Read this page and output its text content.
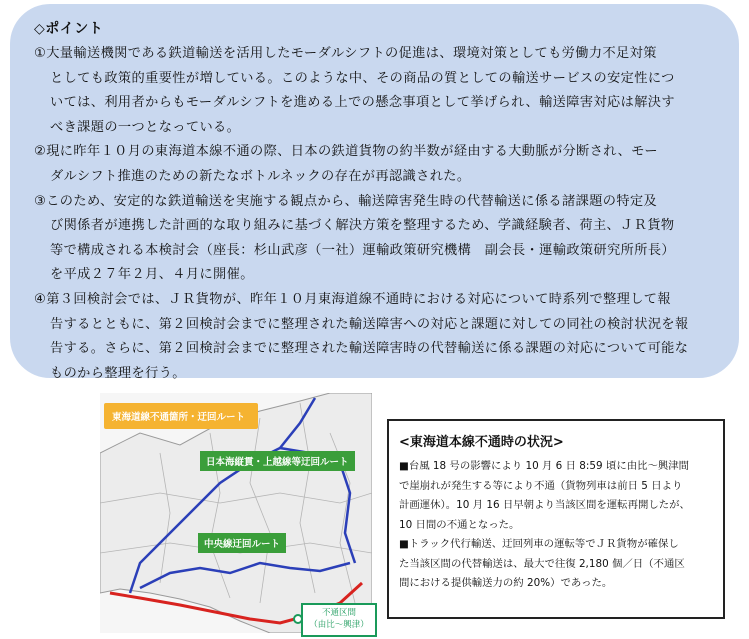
◇ポイント

①大量輸送機関である鉄道輸送を活用したモーダルシフトの促進は、環境対策としても労働力不足対策
としても政策的重要性が増している。このような中、その商品の質としての輸送サービスの安定性につ
いては、利用者からもモーダルシフトを進める上での懸念事項として挙げられ、輸送障害対応は解決す
べき課題の一つとなっている。

②現に昨年１０月の東海道本線不通の際、日本の鉄道貨物の約半数が経由する大動脈が分断され、モー
ダルシフト推進のための新たなボトルネックの存在が再認識された。

③このため、安定的な鉄道輸送を実施する観点から、輸送障害発生時の代替輸送に係る諸課題の特定及
び関係者が連携した計画的な取り組みに基づく解決方策を整理するため、学識経験者、荷主、ＪＲ貨物
等で構成される本検討会（座長：杉山武彦（一社）運輸政策研究機構　副会長・運輸政策研究所所長）
を平成２７年２月、４月に開催。

④第３回検討会では、ＪＲ貨物が、昨年１０月東海道線不通時における対応について時系列で整理して報
告するとともに、第２回検討会までに整理された輸送障害への対応と課題に対しての同社の検討状況を報
告する。さらに、第２回検討会までに整理された輸送障害時の代替輸送に係る課題の対応について可能な
ものから整理を行う。

東海道線不通箇所・迂回ルート
日本海縦貫・上越線等迂回ルート
中央線迂回ルート
不通区間
（由比～興津）
<東海道本線不通時の状況>

■台風 18 号の影響により 10 月 6 日 8:59 頃に由比～興津間

で崖崩れが発生する等により不通（貨物列車は前日 5 日より

計画運休）。10 月 16 日早朝より当該区間を運転再開したが、

10 日間の不通となった。

■トラック代行輸送、迂回列車の運転等でＪＲ貨物が確保し

た当該区間の代替輸送は、最大で往復 2,180 個／日（不通区

間における提供輸送力の約 20%）であった。
